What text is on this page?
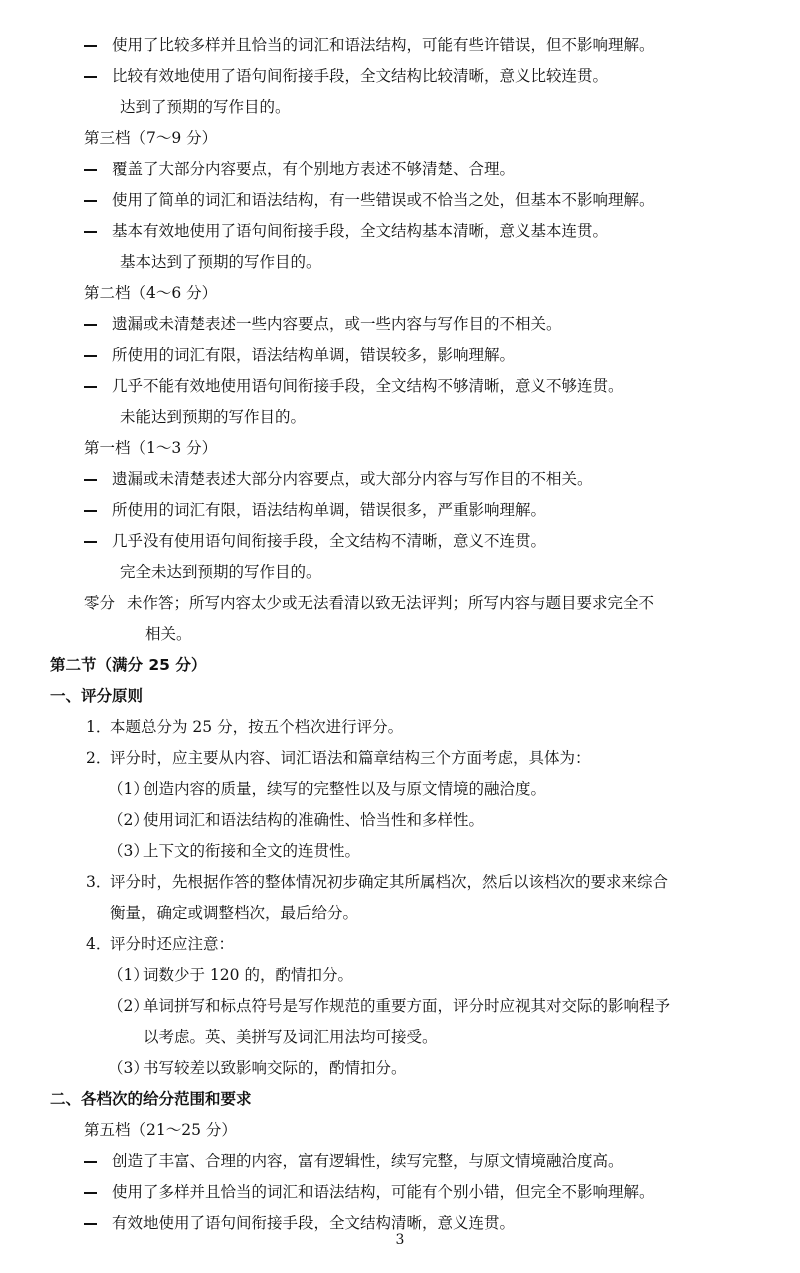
使用了比较多样并且恰当的词汇和语法结构，可能有些许错误，但不影响理解。
比较有效地使用了语句间衔接手段，全文结构比较清晰，意义比较连贯。
达到了预期的写作目的。
第三档（7～9 分）
覆盖了大部分内容要点，有个别地方表述不够清楚、合理。
使用了简单的词汇和语法结构，有一些错误或不恰当之处，但基本不影响理解。
基本有效地使用了语句间衔接手段，全文结构基本清晰，意义基本连贯。
基本达到了预期的写作目的。
第二档（4～6 分）
遗漏或未清楚表述一些内容要点，或一些内容与写作目的不相关。
所使用的词汇有限，语法结构单调，错误较多，影响理解。
几乎不能有效地使用语句间衔接手段，全文结构不够清晰，意义不够连贯。
未能达到预期的写作目的。
第一档（1～3 分）
遗漏或未清楚表述大部分内容要点，或大部分内容与写作目的不相关。
所使用的词汇有限，语法结构单调，错误很多，严重影响理解。
几乎没有使用语句间衔接手段，全文结构不清晰，意义不连贯。
完全未达到预期的写作目的。
零分 未作答；所写内容太少或无法看清以致无法评判；所写内容与题目要求完全不
相关。
第二节（满分 25 分）
一、评分原则
1．
本题总分为 25 分，按五个档次进行评分。
2．
评分时，应主要从内容、词汇语法和篇章结构三个方面考虑，具体为：
（1）
创造内容的质量，续写的完整性以及与原文情境的融洽度。
（2）
使用词汇和语法结构的准确性、恰当性和多样性。
（3）
上下文的衔接和全文的连贯性。
3．
评分时，先根据作答的整体情况初步确定其所属档次，然后以该档次的要求来综合
衡量，确定或调整档次，最后给分。
4．
评分时还应注意：
（1）
词数少于 120 的，酌情扣分。
（2）
单词拼写和标点符号是写作规范的重要方面，评分时应视其对交际的影响程予
以考虑。英、美拼写及词汇用法均可接受。
（3）
书写较差以致影响交际的，酌情扣分。
二、各档次的给分范围和要求
第五档（21～25 分）
创造了丰富、合理的内容，富有逻辑性，续写完整，与原文情境融洽度高。
使用了多样并且恰当的词汇和语法结构，可能有个别小错，但完全不影响理解。
有效地使用了语句间衔接手段，全文结构清晰，意义连贯。
3
